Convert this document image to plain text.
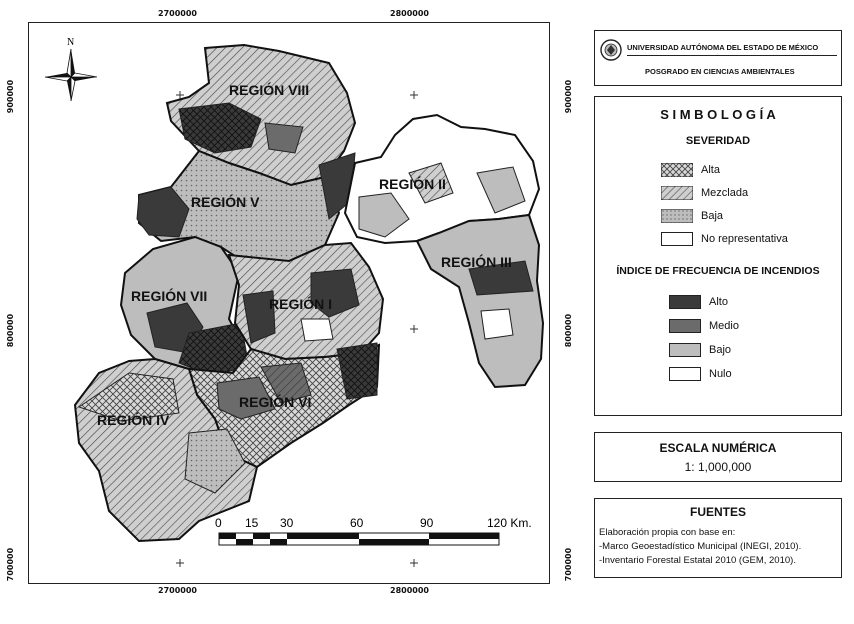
2700000	2800000
2700000	2800000
900000
800000
700000
900000
800000
700000
N
REGIÓN VIII
REGIÓN V
REGIÓN II
REGIÓN III
REGIÓN VII	REGIÓN I
REGIÓN VI
REGIÓN IV
0 15 30	60	90	120 Km.
UNIVERSIDAD AUTÓNOMA DEL ESTADO DE MÉXICO
POSGRADO EN CIENCIAS AMBIENTALES
S I M B O L O G Í A
SEVERIDAD
Alta
Mezclada
Baja
No representativa
ÍNDICE DE FRECUENCIA DE INCENDIOS
Alto
Medio
Bajo
Nulo
ESCALA NUMÉRICA
1: 1,000,000
FUENTES
Elaboración propia con base en:
-Marco Geoestadístico Municipal (INEGI, 2010).
-Inventario Forestal Estatal 2010 (GEM, 2010).
